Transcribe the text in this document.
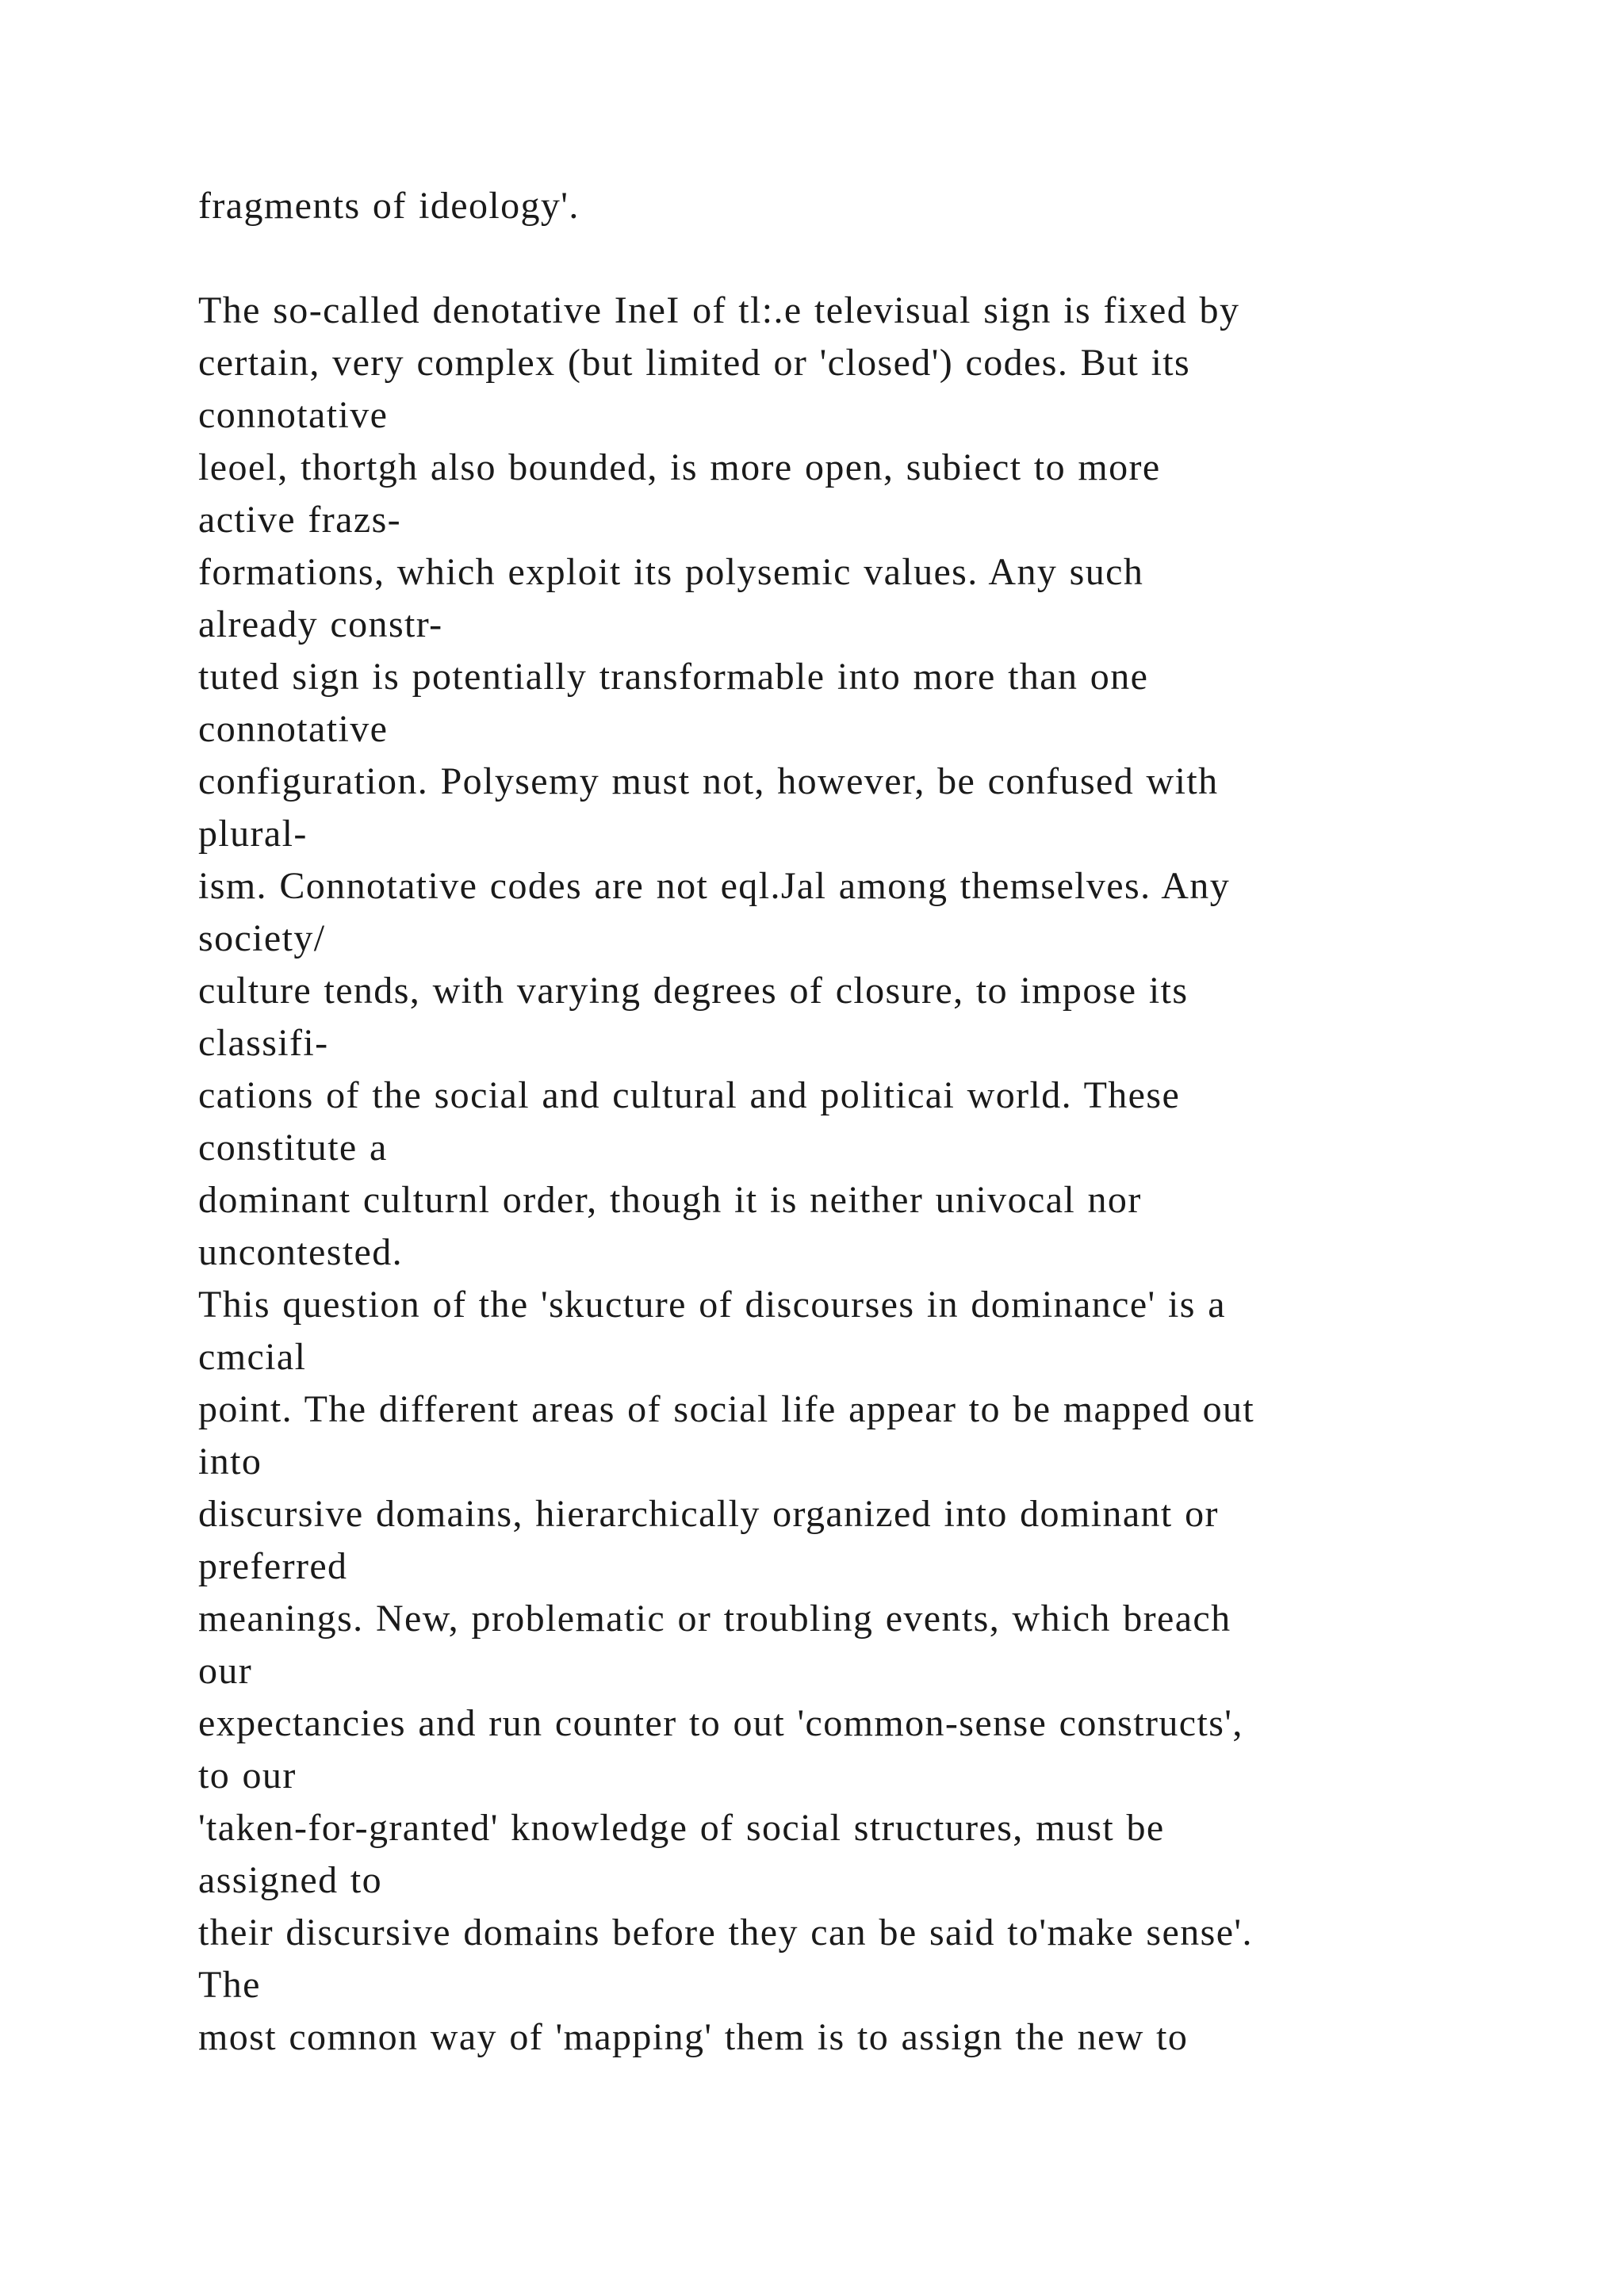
fragments of ideology'.
The so-called denotative IneI of tl:.e televisual sign is fixed by
certain, very complex (but limited or 'closed') codes. But its
connotative
leoel, thortgh also bounded, is more open, subiect to more
active frazs-
formations, which exploit its polysemic values. Any such
already constr-
tuted sign is potentially transformable into more than one
connotative
configuration. Polysemy must not, however, be confused with
plural-
ism. Connotative codes are not eql.Jal among themselves. Any
society/
culture tends, with varying degrees of closure, to impose its
classifi-
cations of the social and cultural and politicai world. These
constitute a
dominant culturnl order, though it is neither univocal nor
uncontested.
This question of the 'skucture of discourses in dominance' is a
cmcial
point. The different areas of social life appear to be mapped out
into
discursive domains, hierarchically organized into dominant or
preferred
meanings. New, problematic or troubling events, which breach
our
expectancies and run counter to out 'common-sense constructs',
to our
'taken-for-granted' knowledge of social structures, must be
assigned to
their discursive domains before they can be said to'make sense'.
The
most comnon way of 'mapping' them is to assign the new to
